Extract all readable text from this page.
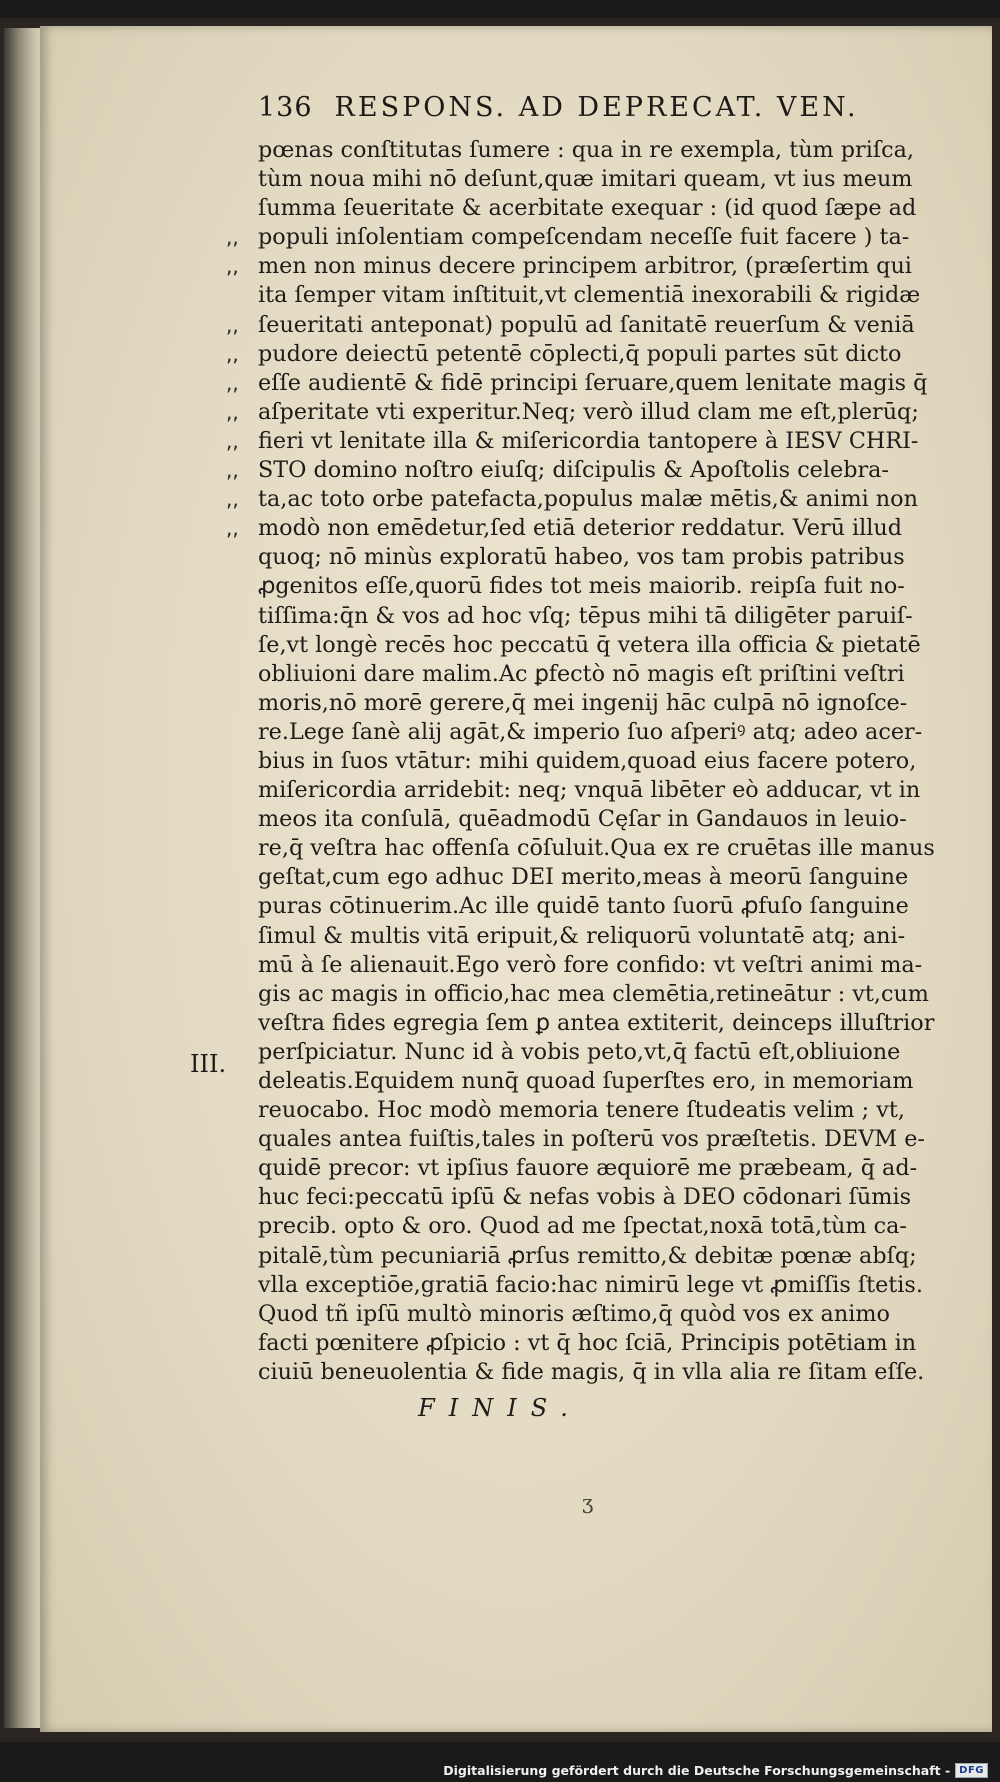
136 RESPONS. AD DEPRECAT. VEN.
,,
,,
,,
,,
,,
,,
,,
,,
,,
,,
pœnas conſtitutas ſumere : qua in re exempla, tùm priſca,
tùm noua mihi nō deſunt,quæ imitari queam, vt ius meum
ſumma ſeueritate & acerbitate exequar : (id quod ſæpe ad
populi inſolentiam compeſcendam neceſſe fuit facere ) ta-
men non minus decere principem arbitror, (præſertim qui
ita ſemper vitam inſtituit,vt clementiā inexorabili & rigidæ
ſeueritati anteponat) populū ad ſanitatē reuerſum & veniā
pudore deiectū petentē cōplecti,q̄ populi partes sūt dicto
eſſe audientē & fidē principi ſeruare,quem lenitate magis q̄
aſperitate vti experitur.Neq; verò illud clam me eſt,plerūq;
fieri vt lenitate illa & miſericordia tantopere à IESV CHRI-
STO domino noſtro eiuſq; diſcipulis & Apoſtolis celebra-
ta,ac toto orbe patefacta,populus malæ mētis,& animi non
modò non emēdetur,ſed etiā deterior reddatur. Verū illud
quoq; nō minùs exploratū habeo, vos tam probis patribus
ꝓgenitos eſſe,quorū fides tot meis maiorib. reipſa fuit no-
tiſſima:q̄n & vos ad hoc vſq; tēpus mihi tā diligēter paruiſ-
ſe,vt longè recēs hoc peccatū q̄ vetera illa officia & pietatē
obliuioni dare malim.Ac ꝑfectò nō magis eſt priſtini veſtri
moris,nō morē gerere,q̄ mei ingenij hāc culpā nō ignoſce-
re.Lege ſanè alij agāt,& imperio ſuo aſperiꝰ atq; adeo acer-
bius in ſuos vtātur: mihi quidem,quoad eius facere potero,
miſericordia arridebit: neq; vnquā libēter eò adducar, vt in
meos ita conſulā, quēadmodū Cęſar in Gandauos in leuio-
re,q̄ veſtra hac offenſa cōſuluit.Qua ex re cruētas ille manus
geſtat,cum ego adhuc DEI merito,meas à meorū ſanguine
puras cōtinuerim.Ac ille quidē tanto ſuorū ꝓfuſo ſanguine
ſimul & multis vitā eripuit,& reliquorū voluntatē atq; ani-
mū à ſe alienauit.Ego verò fore confido: vt veſtri animi ma-
gis ac magis in officio,hac mea clemētia,retineātur : vt,cum
veſtra fides egregia ſem ꝑ antea extiterit, deinceps illuſtrior
perſpiciatur. Nunc id à vobis peto,vt,q̄ factū eſt,obliuione
deleatis.Equidem nunq̄ quoad ſuperſtes ero, in memoriam
reuocabo. Hoc modò memoria tenere ſtudeatis velim ; vt,
quales antea fuiſtis,tales in poſterū vos præſtetis. DEVM e-
quidē precor: vt ipſius fauore æquiorē me præbeam, q̄ ad-
huc feci:peccatū ipſū & nefas vobis à DEO cōdonari ſūmis
precib. opto & oro. Quod ad me ſpectat,noxā totā,tùm ca-
pitalē,tùm pecuniariā ꝓrſus remitto,& debitæ pœnæ abſq;
vlla exceptiōe,gratiā facio:hac nimirū lege vt ꝓmiſſis ſtetis.
Quod tñ ipſū multò minoris æſtimo,q̄ quòd vos ex animo
facti pœnitere ꝓſpicio : vt q̄ hoc ſciā, Principis potētiam in
ciuiū beneuolentia & fide magis, q̄ in vlla alia re ſitam eſſe.
III.
FINIS.
ʒ
Digitalisierung gefördert durch die Deutsche Forschungsgemeinschaft - DFG
